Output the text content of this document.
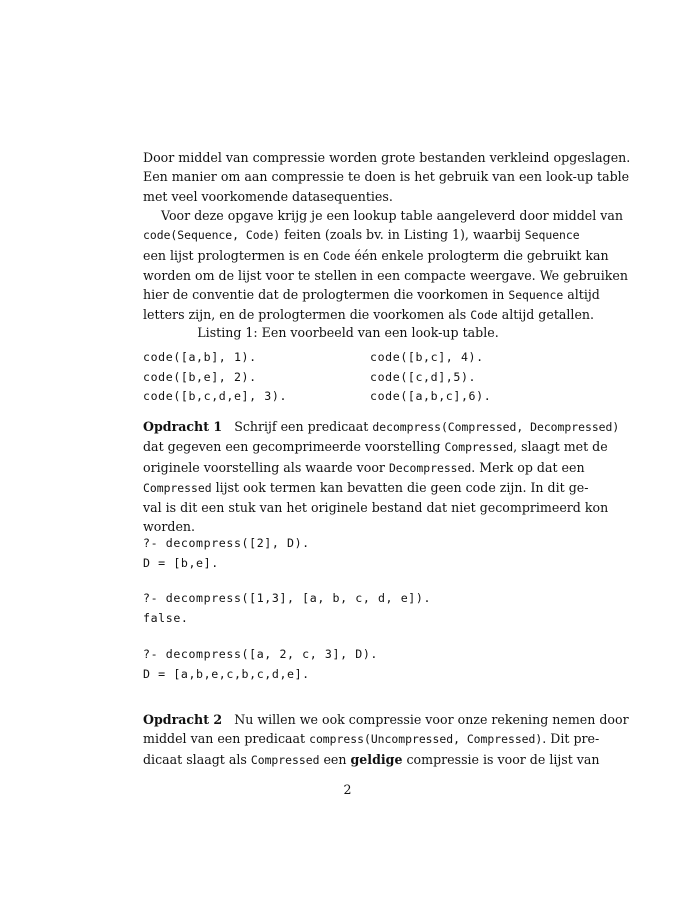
Door middel van compressie worden grote bestanden verkleind opgeslagen.
Een manier om aan compressie te doen is het gebruik van een look-up table
met veel voorkomende datasequenties.
Voor deze opgave krijg je een lookup table aangeleverd door middel van
code(Sequence, Code) feiten (zoals bv. in Listing 1), waarbij Sequence
een lijst prologtermen is en Code één enkele prologterm die gebruikt kan
worden om de lijst voor te stellen in een compacte weergave. We gebruiken
hier de conventie dat de prologtermen die voorkomen in Sequence altijd
letters zijn, en de prologtermen die voorkomen als Code altijd getallen.
Listing 1: Een voorbeeld van een look-up table.
code([a,b], 1).	code([b,c], 4).
code([b,e], 2).	code([c,d],5).
code([b,c,d,e], 3).	code([a,b,c],6).
Opdracht 1 Schrijf een predicaat decompress(Compressed, Decompressed)
dat gegeven een gecomprimeerde voorstelling Compressed, slaagt met de
originele voorstelling als waarde voor Decompressed. Merk op dat een
Compressed lijst ook termen kan bevatten die geen code zijn. In dit ge-
val is dit een stuk van het originele bestand dat niet gecomprimeerd kon
worden.
?- decompress([2], D).
D = [b,e].
?- decompress([1,3], [a, b, c, d, e]).
false.
?- decompress([a, 2, c, 3], D).
D = [a,b,e,c,b,c,d,e].
Opdracht 2 Nu willen we ook compressie voor onze rekening nemen door
middel van een predicaat compress(Uncompressed, Compressed). Dit pre-
dicaat slaagt als Compressed een geldige compressie is voor de lijst van
2
